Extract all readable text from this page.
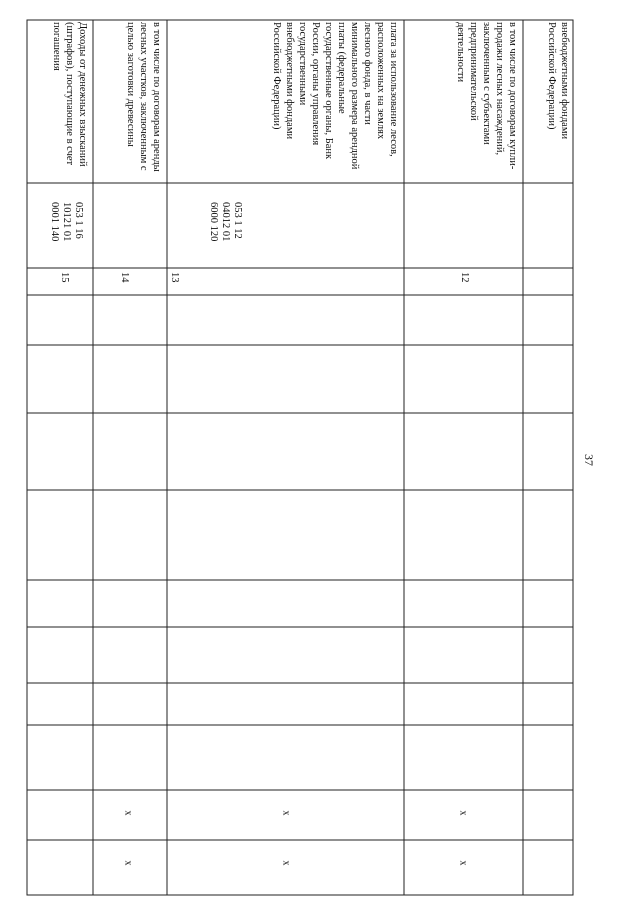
37
внебюджетными фондами Российской Федерации)
в том числе по договорам купли-продажи лесных насаждений, заключенным с субъектами предпринимательской деятельности
12
x
x
плата за использование лесов, расположенных на землях лесного фонда, в части минимального размера арендной платы (федеральные государственные органы, Банк России, органы управления государственными внебюджетными фондами Российской Федерации)
053 1 12 04012 01 6000 120
13
x
x
в том числе по договорам аренды лесных участков, заключенным с целью заготовки древесины
14
x
x
Доходы от денежных взысканий (штрафов), поступающие в счет погашения
053 1 16 10121 01 0001 140
15
